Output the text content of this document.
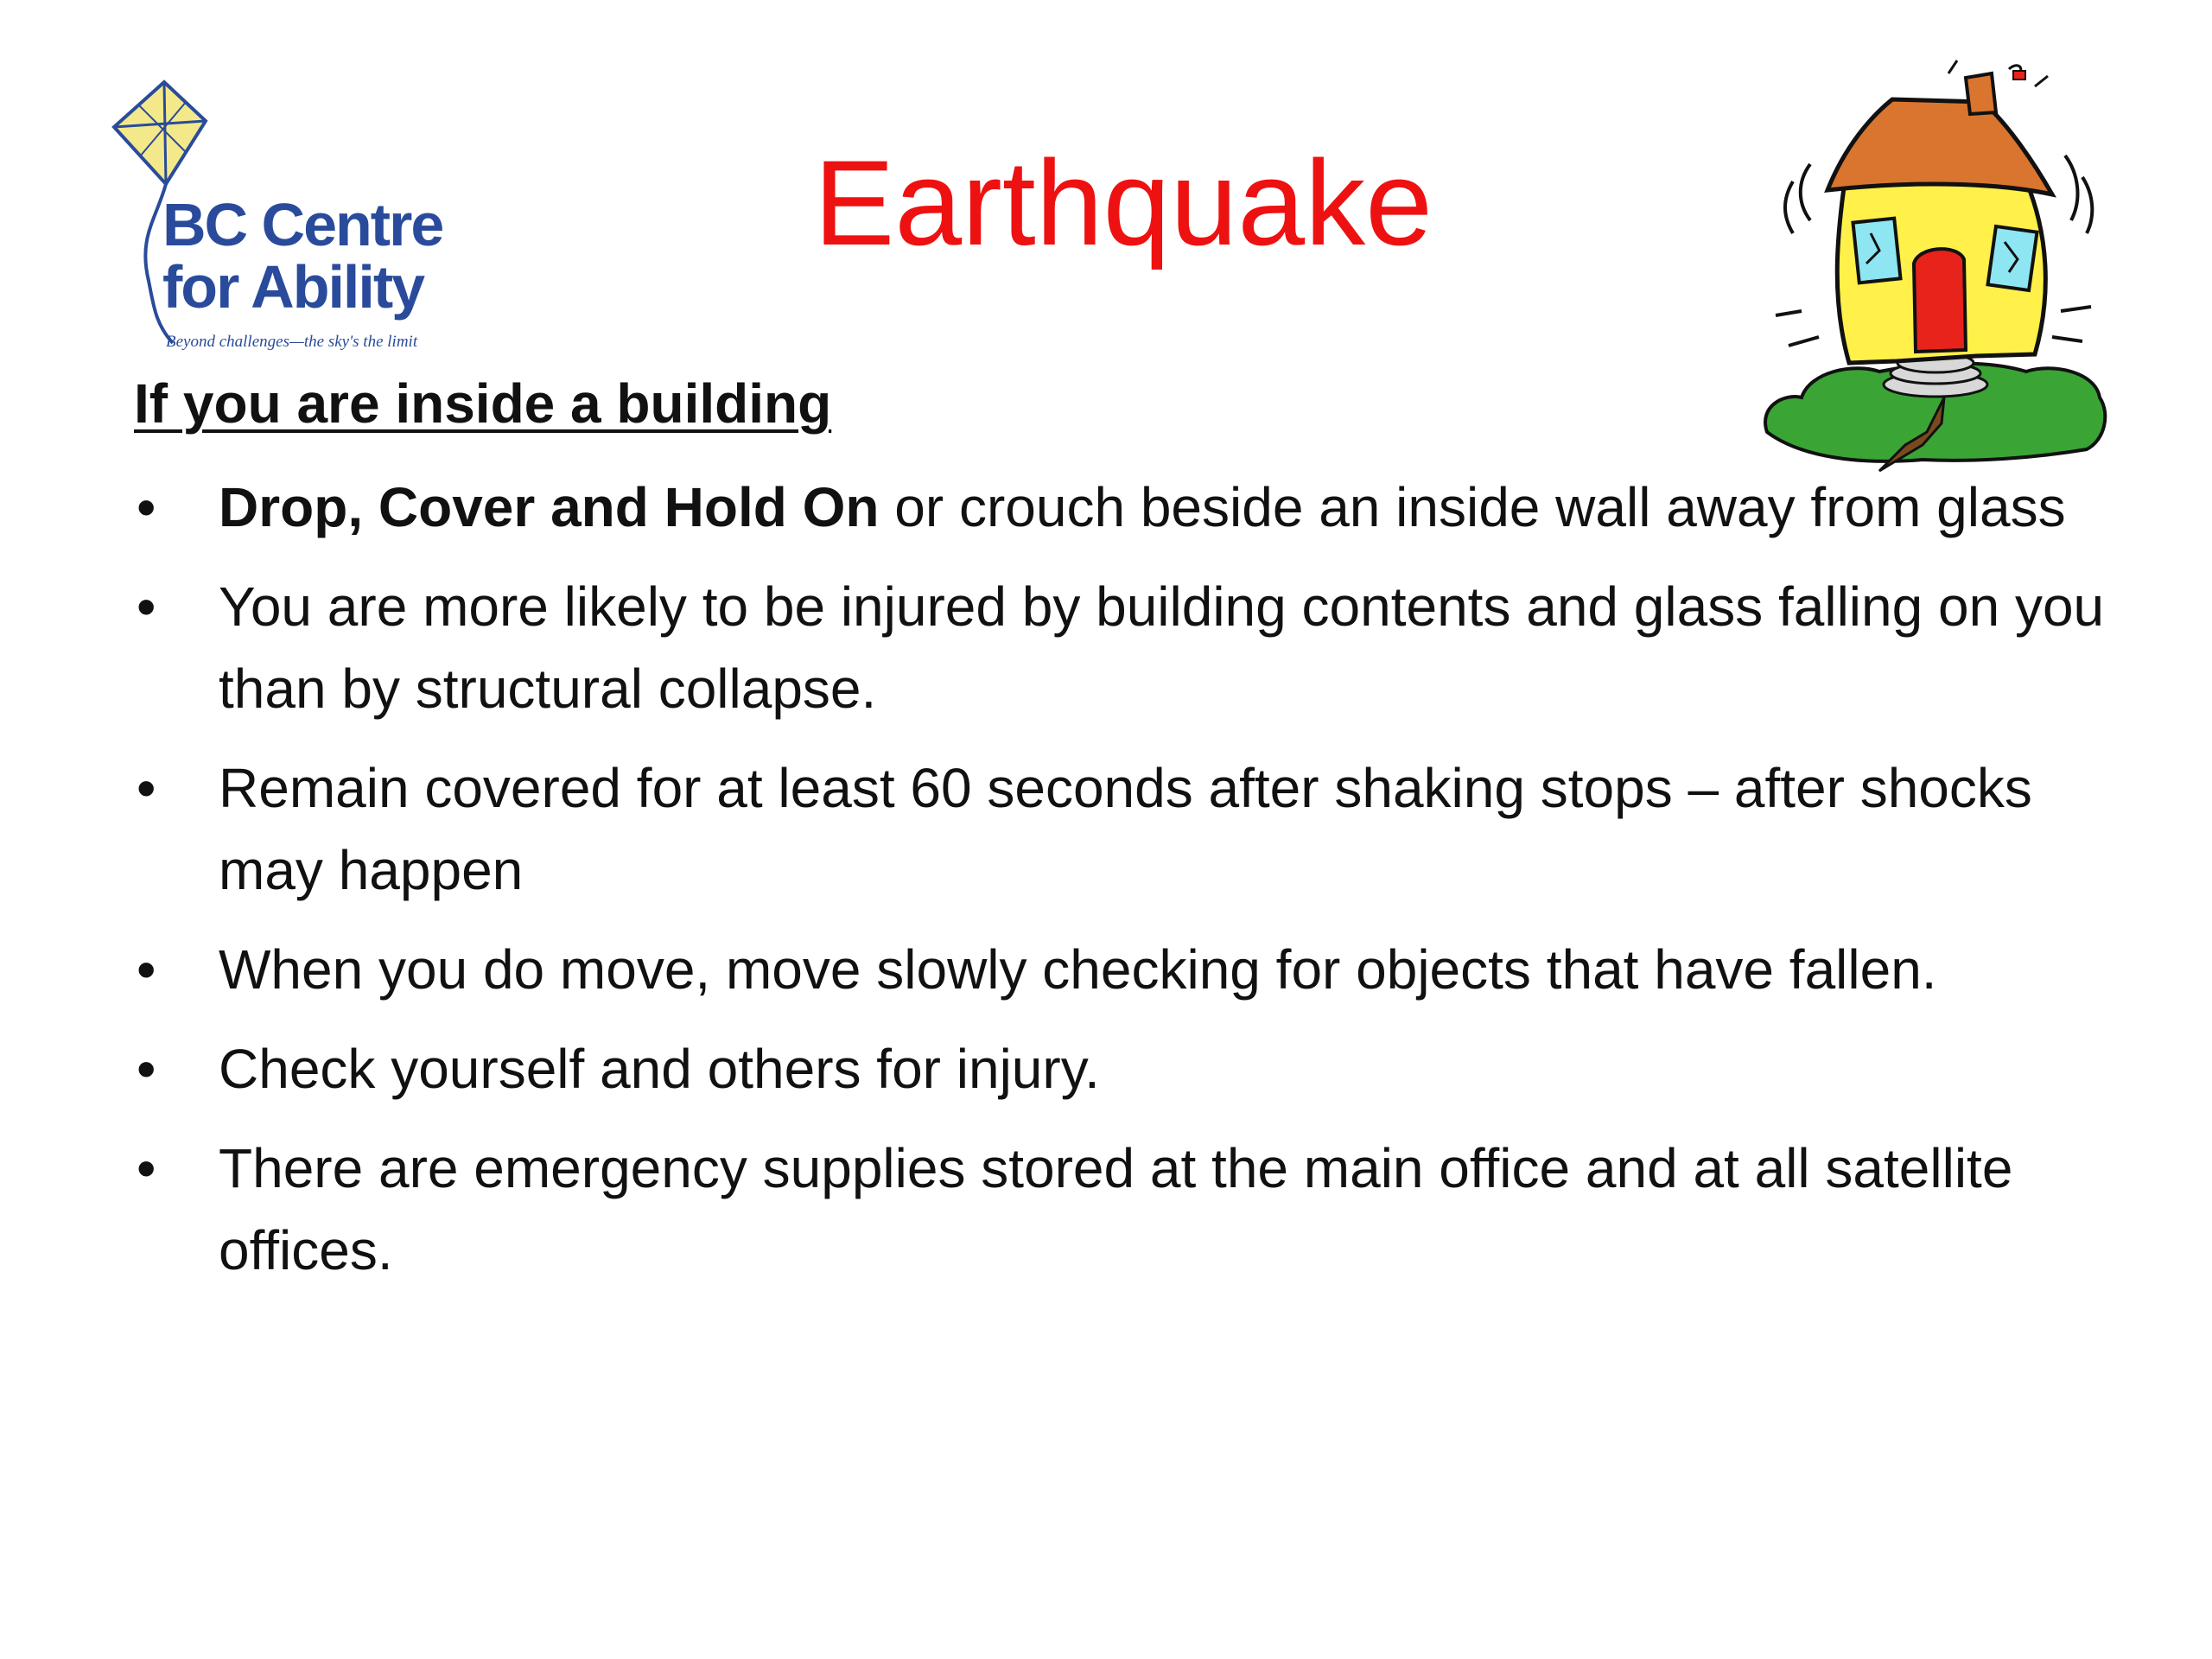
BC Centre
for Ability
Beyond challenges—the sky's the limit
Earthquake
If you are inside a building
• Drop, Cover and Hold On or crouch beside an inside wall away from glass
• You are more likely to be injured by building contents and glass falling on you than by structural collapse.
• Remain covered for at least 60 seconds after shaking stops – after shocks may happen
• When you do move, move slowly checking for objects that have fallen.
• Check yourself and others for injury.
• There are emergency supplies stored at the main office and at all satellite offices.
